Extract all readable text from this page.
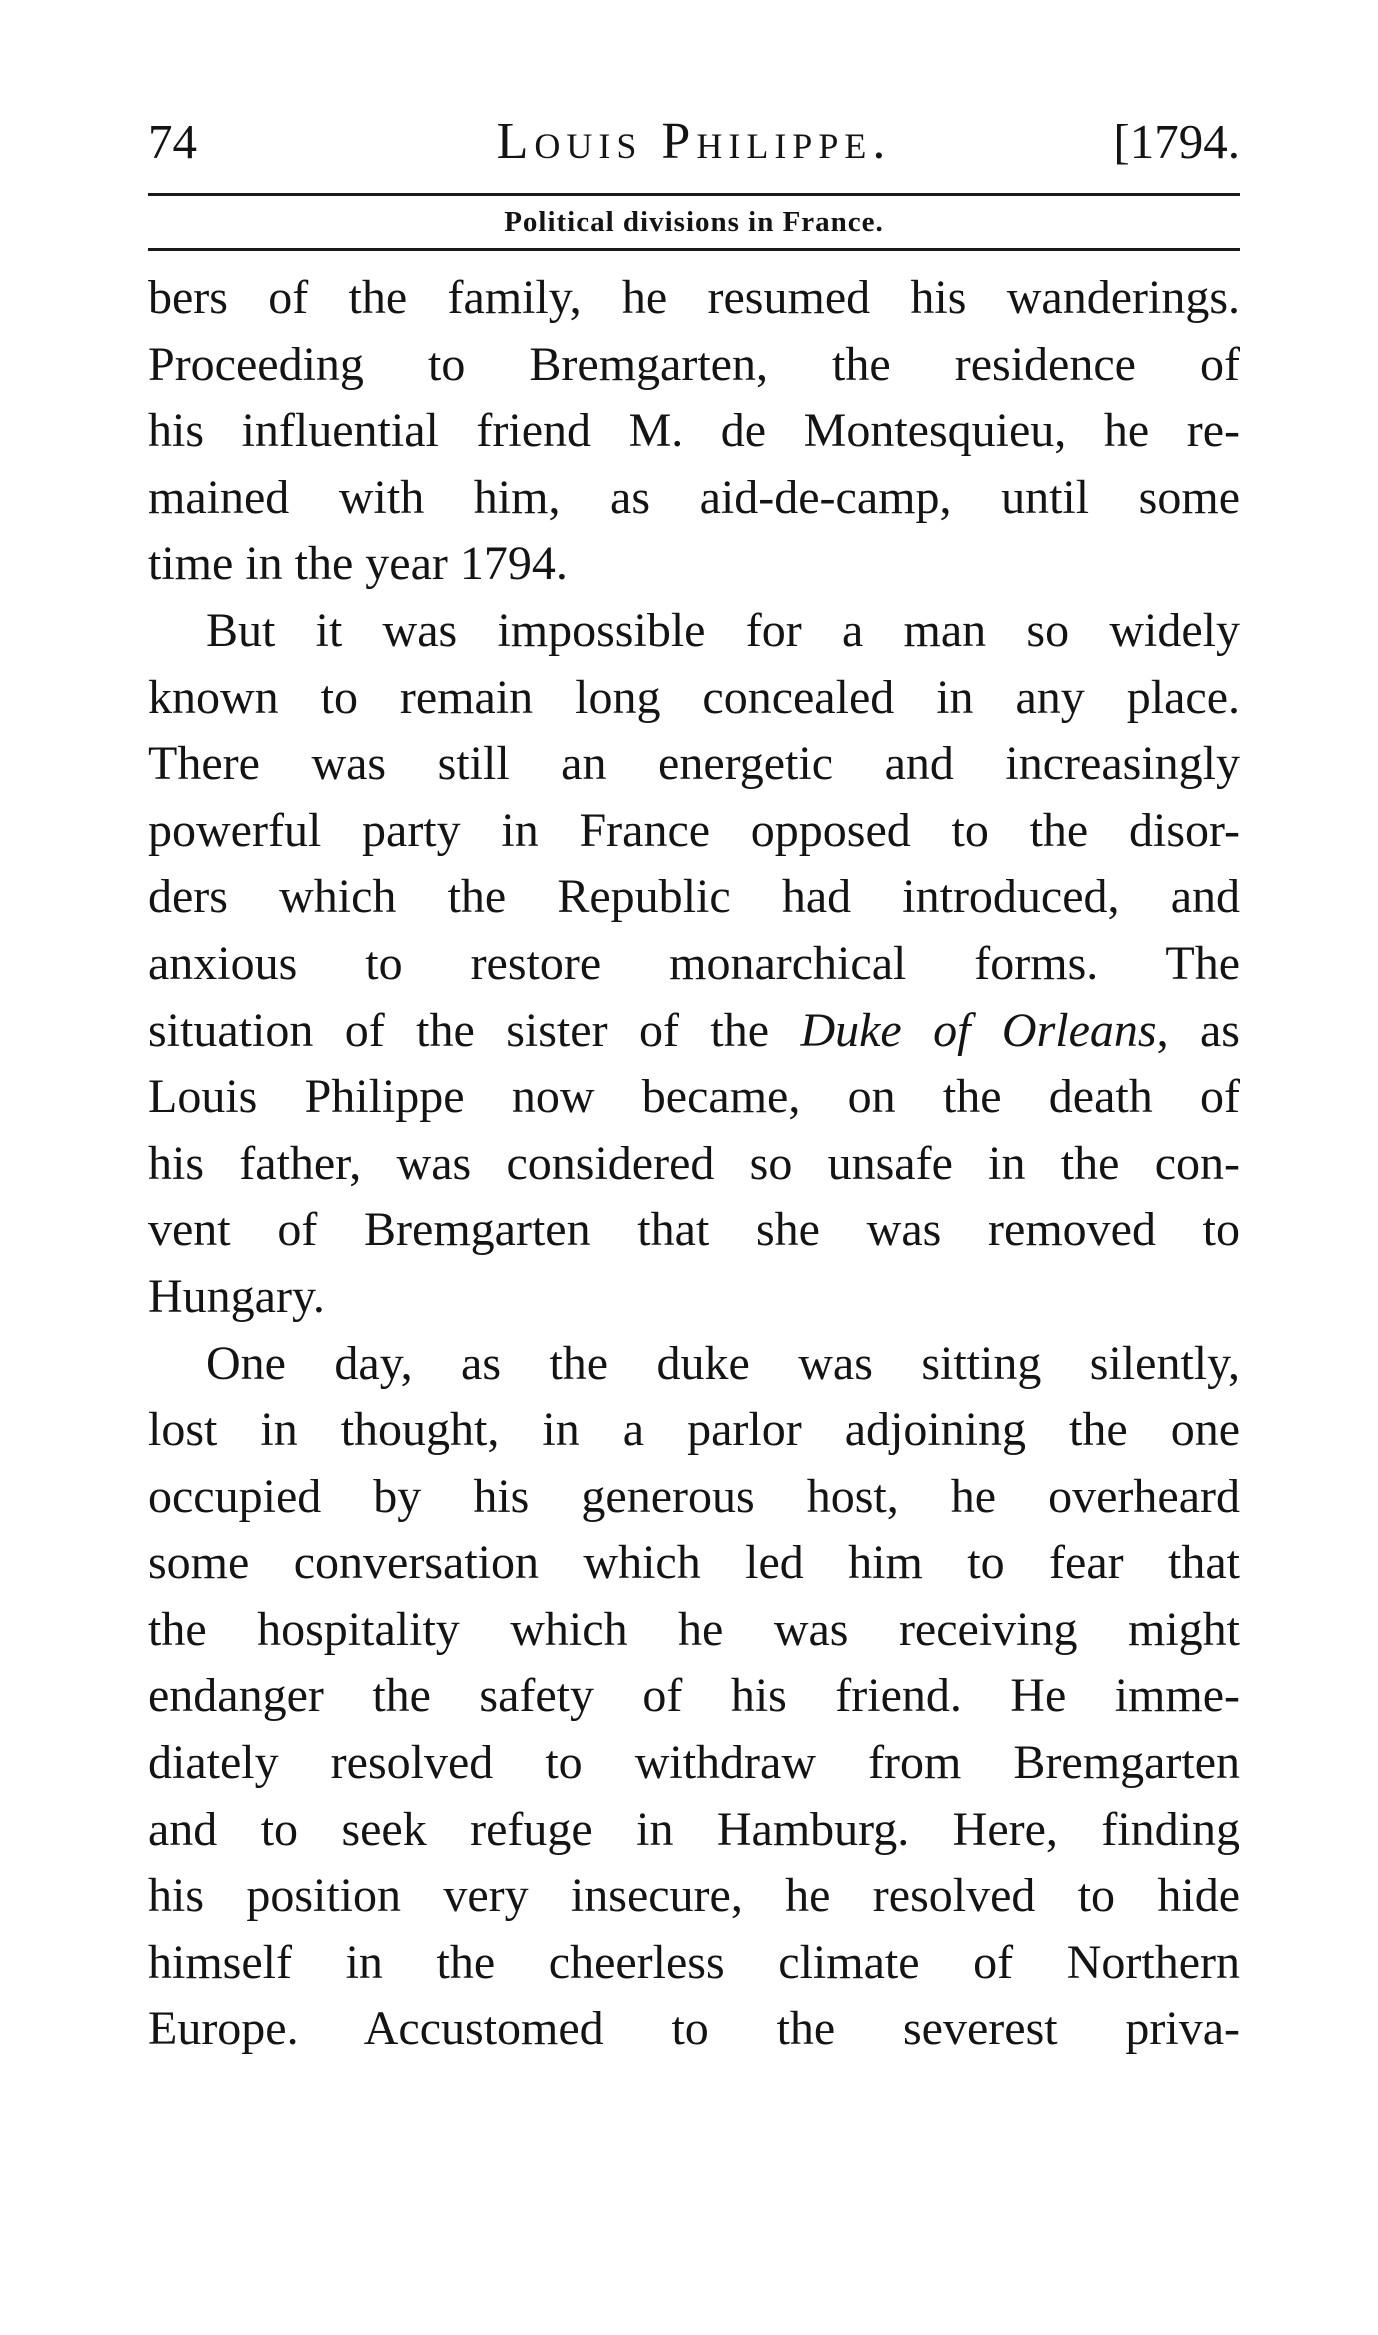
74	Louis Philippe.	[1794.
Political divisions in France.
bers of the family, he resumed his wanderings.
Proceeding to Bremgarten, the residence of
his influential friend M. de Montesquieu, he re-
mained with him, as aid-de-camp, until some
time in the year 1794.
But it was impossible for a man so widely
known to remain long concealed in any place.
There was still an energetic and increasingly
powerful party in France opposed to the disor-
ders which the Republic had introduced, and
anxious to restore monarchical forms. The
situation of the sister of the Duke of Orleans, as
Louis Philippe now became, on the death of
his father, was considered so unsafe in the con-
vent of Bremgarten that she was removed to
Hungary.
One day, as the duke was sitting silently,
lost in thought, in a parlor adjoining the one
occupied by his generous host, he overheard
some conversation which led him to fear that
the hospitality which he was receiving might
endanger the safety of his friend. He imme-
diately resolved to withdraw from Bremgarten
and to seek refuge in Hamburg. Here, finding
his position very insecure, he resolved to hide
himself in the cheerless climate of Northern
Europe. Accustomed to the severest priva-
